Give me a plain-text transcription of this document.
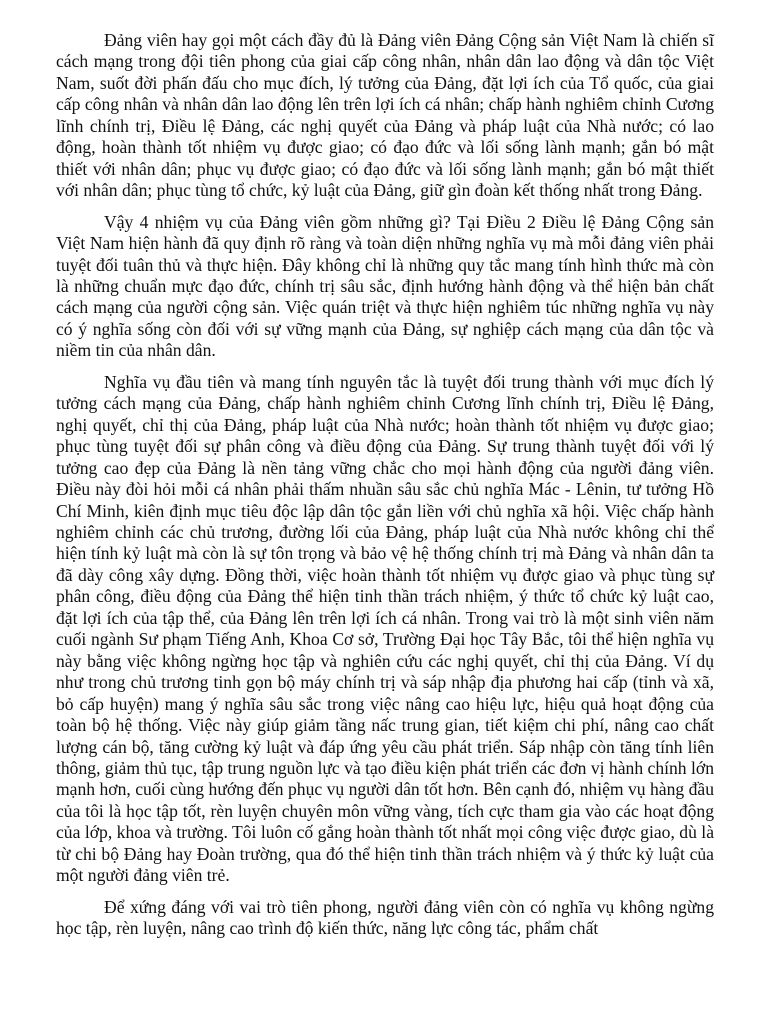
Đảng viên hay gọi một cách đầy đủ là Đảng viên Đảng Cộng sản Việt Nam là chiến sĩ cách mạng trong đội tiên phong của giai cấp công nhân, nhân dân lao động và dân tộc Việt Nam, suốt đời phấn đấu cho mục đích, lý tưởng của Đảng, đặt lợi ích của Tổ quốc, của giai cấp công nhân và nhân dân lao động lên trên lợi ích cá nhân; chấp hành nghiêm chỉnh Cương lĩnh chính trị, Điều lệ Đảng, các nghị quyết của Đảng và pháp luật của Nhà nước; có lao động, hoàn thành tốt nhiệm vụ được giao; có đạo đức và lối sống lành mạnh; gắn bó mật thiết với nhân dân; phục vụ được giao; có đạo đức và lối sống lành mạnh; gắn bó mật thiết với nhân dân; phục tùng tổ chức, kỷ luật của Đảng, giữ gìn đoàn kết thống nhất trong Đảng.

Vậy 4 nhiệm vụ của Đảng viên gồm những gì? Tại Điều 2 Điều lệ Đảng Cộng sản Việt Nam hiện hành đã quy định rõ ràng và toàn diện những nghĩa vụ mà mỗi đảng viên phải tuyệt đối tuân thủ và thực hiện. Đây không chỉ là những quy tắc mang tính hình thức mà còn là những chuẩn mực đạo đức, chính trị sâu sắc, định hướng hành động và thể hiện bản chất cách mạng của người cộng sản. Việc quán triệt và thực hiện nghiêm túc những nghĩa vụ này có ý nghĩa sống còn đối với sự vững mạnh của Đảng, sự nghiệp cách mạng của dân tộc và niềm tin của nhân dân.

Nghĩa vụ đầu tiên và mang tính nguyên tắc là tuyệt đối trung thành với mục đích lý tưởng cách mạng của Đảng, chấp hành nghiêm chỉnh Cương lĩnh chính trị, Điều lệ Đảng, nghị quyết, chỉ thị của Đảng, pháp luật của Nhà nước; hoàn thành tốt nhiệm vụ được giao; phục tùng tuyệt đối sự phân công và điều động của Đảng. Sự trung thành tuyệt đối với lý tưởng cao đẹp của Đảng là nền tảng vững chắc cho mọi hành động của người đảng viên. Điều này đòi hỏi mỗi cá nhân phải thấm nhuần sâu sắc chủ nghĩa Mác - Lênin, tư tưởng Hồ Chí Minh, kiên định mục tiêu độc lập dân tộc gắn liền với chủ nghĩa xã hội. Việc chấp hành nghiêm chỉnh các chủ trương, đường lối của Đảng, pháp luật của Nhà nước không chỉ thể hiện tính kỷ luật mà còn là sự tôn trọng và bảo vệ hệ thống chính trị mà Đảng và nhân dân ta đã dày công xây dựng. Đồng thời, việc hoàn thành tốt nhiệm vụ được giao và phục tùng sự phân công, điều động của Đảng thể hiện tinh thần trách nhiệm, ý thức tổ chức kỷ luật cao, đặt lợi ích của tập thể, của Đảng lên trên lợi ích cá nhân. Trong vai trò là một sinh viên năm cuối ngành Sư phạm Tiếng Anh, Khoa Cơ sở, Trường Đại học Tây Bắc, tôi thể hiện nghĩa vụ này bằng việc không ngừng học tập và nghiên cứu các nghị quyết, chỉ thị của Đảng. Ví dụ như trong chủ trương tinh gọn bộ máy chính trị và sáp nhập địa phương hai cấp (tỉnh và xã, bỏ cấp huyện) mang ý nghĩa sâu sắc trong việc nâng cao hiệu lực, hiệu quả hoạt động của toàn bộ hệ thống. Việc này giúp giảm tầng nấc trung gian, tiết kiệm chi phí, nâng cao chất lượng cán bộ, tăng cường kỷ luật và đáp ứng yêu cầu phát triển. Sáp nhập còn tăng tính liên thông, giảm thủ tục, tập trung nguồn lực và tạo điều kiện phát triển các đơn vị hành chính lớn mạnh hơn, cuối cùng hướng đến phục vụ người dân tốt hơn. Bên cạnh đó, nhiệm vụ hàng đầu của tôi là học tập tốt, rèn luyện chuyên môn vững vàng, tích cực tham gia vào các hoạt động của lớp, khoa và trường. Tôi luôn cố gắng hoàn thành tốt nhất mọi công việc được giao, dù là từ chi bộ Đảng hay Đoàn trường, qua đó thể hiện tinh thần trách nhiệm và ý thức kỷ luật của một người đảng viên trẻ.

Để xứng đáng với vai trò tiên phong, người đảng viên còn có nghĩa vụ không ngừng học tập, rèn luyện, nâng cao trình độ kiến thức, năng lực công tác, phẩm chất
